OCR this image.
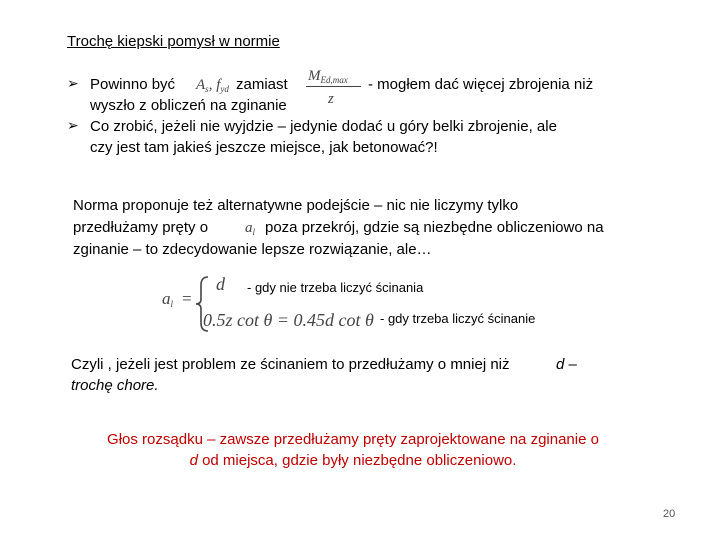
Trochę kiepski pomysł w normie
➢ Powinno być $A_s$, $f_{yd}$ zamiast $M_{Ed,max}$
z
- mogłem dać więcej zbrojenia niż
wyszło z obliczeń na zginanie
➢ Co zrobić, jeżeli nie wyjdzie – jedynie dodać u góry belki zbrojenie, ale
czy jest tam jakieś jeszcze miejsce, jak betonować?!
Norma proponuje też alternatywne podejście – nic nie liczymy tylko
przedłużamy pręty o $a_l$ poza przekrój, gdzie są niezbędne obliczeniowo na
zginanie – to zdecydowanie lepsze rozwiązanie, ale…
$a_l$ =
d
0.5z cot θ = 0.45d cot θ
- gdy nie trzeba liczyć ścinania
- gdy trzeba liczyć ścinanie
Czyli , jeżeli jest problem ze ścinaniem to przedłużamy o mniej niż	d –
trochę chore.
Głos rozsądku – zawsze przedłużamy pręty zaprojektowane na zginanie o
d od miejsca, gdzie były niezbędne obliczeniowo.
20
